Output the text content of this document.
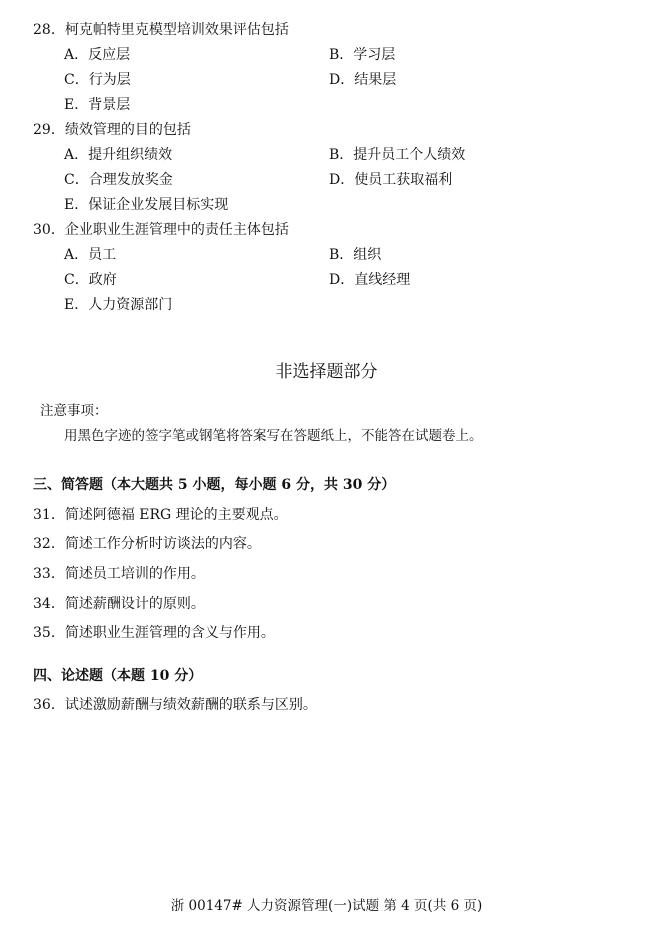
28．柯克帕特里克模型培训效果评估包括
A．反应层	B．学习层
C．行为层	D．结果层
E．背景层
29．绩效管理的目的包括
A．提升组织绩效	B．提升员工个人绩效
C．合理发放奖金	D．使员工获取福利
E．保证企业发展目标实现
30．企业职业生涯管理中的责任主体包括
A．员工	B．组织
C．政府	D．直线经理
E．人力资源部门
非选择题部分
注意事项：
用黑色字迹的签字笔或钢笔将答案写在答题纸上，不能答在试题卷上。
三、简答题（本大题共 5 小题，每小题 6 分，共 30 分）
31．简述阿德福 ERG 理论的主要观点。
32．简述工作分析时访谈法的内容。
33．简述员工培训的作用。
34．简述薪酬设计的原则。
35．简述职业生涯管理的含义与作用。
四、论述题（本题 10 分）
36．试述激励薪酬与绩效薪酬的联系与区别。
浙 00147# 人力资源管理(一)试题 第 4 页(共 6 页)
